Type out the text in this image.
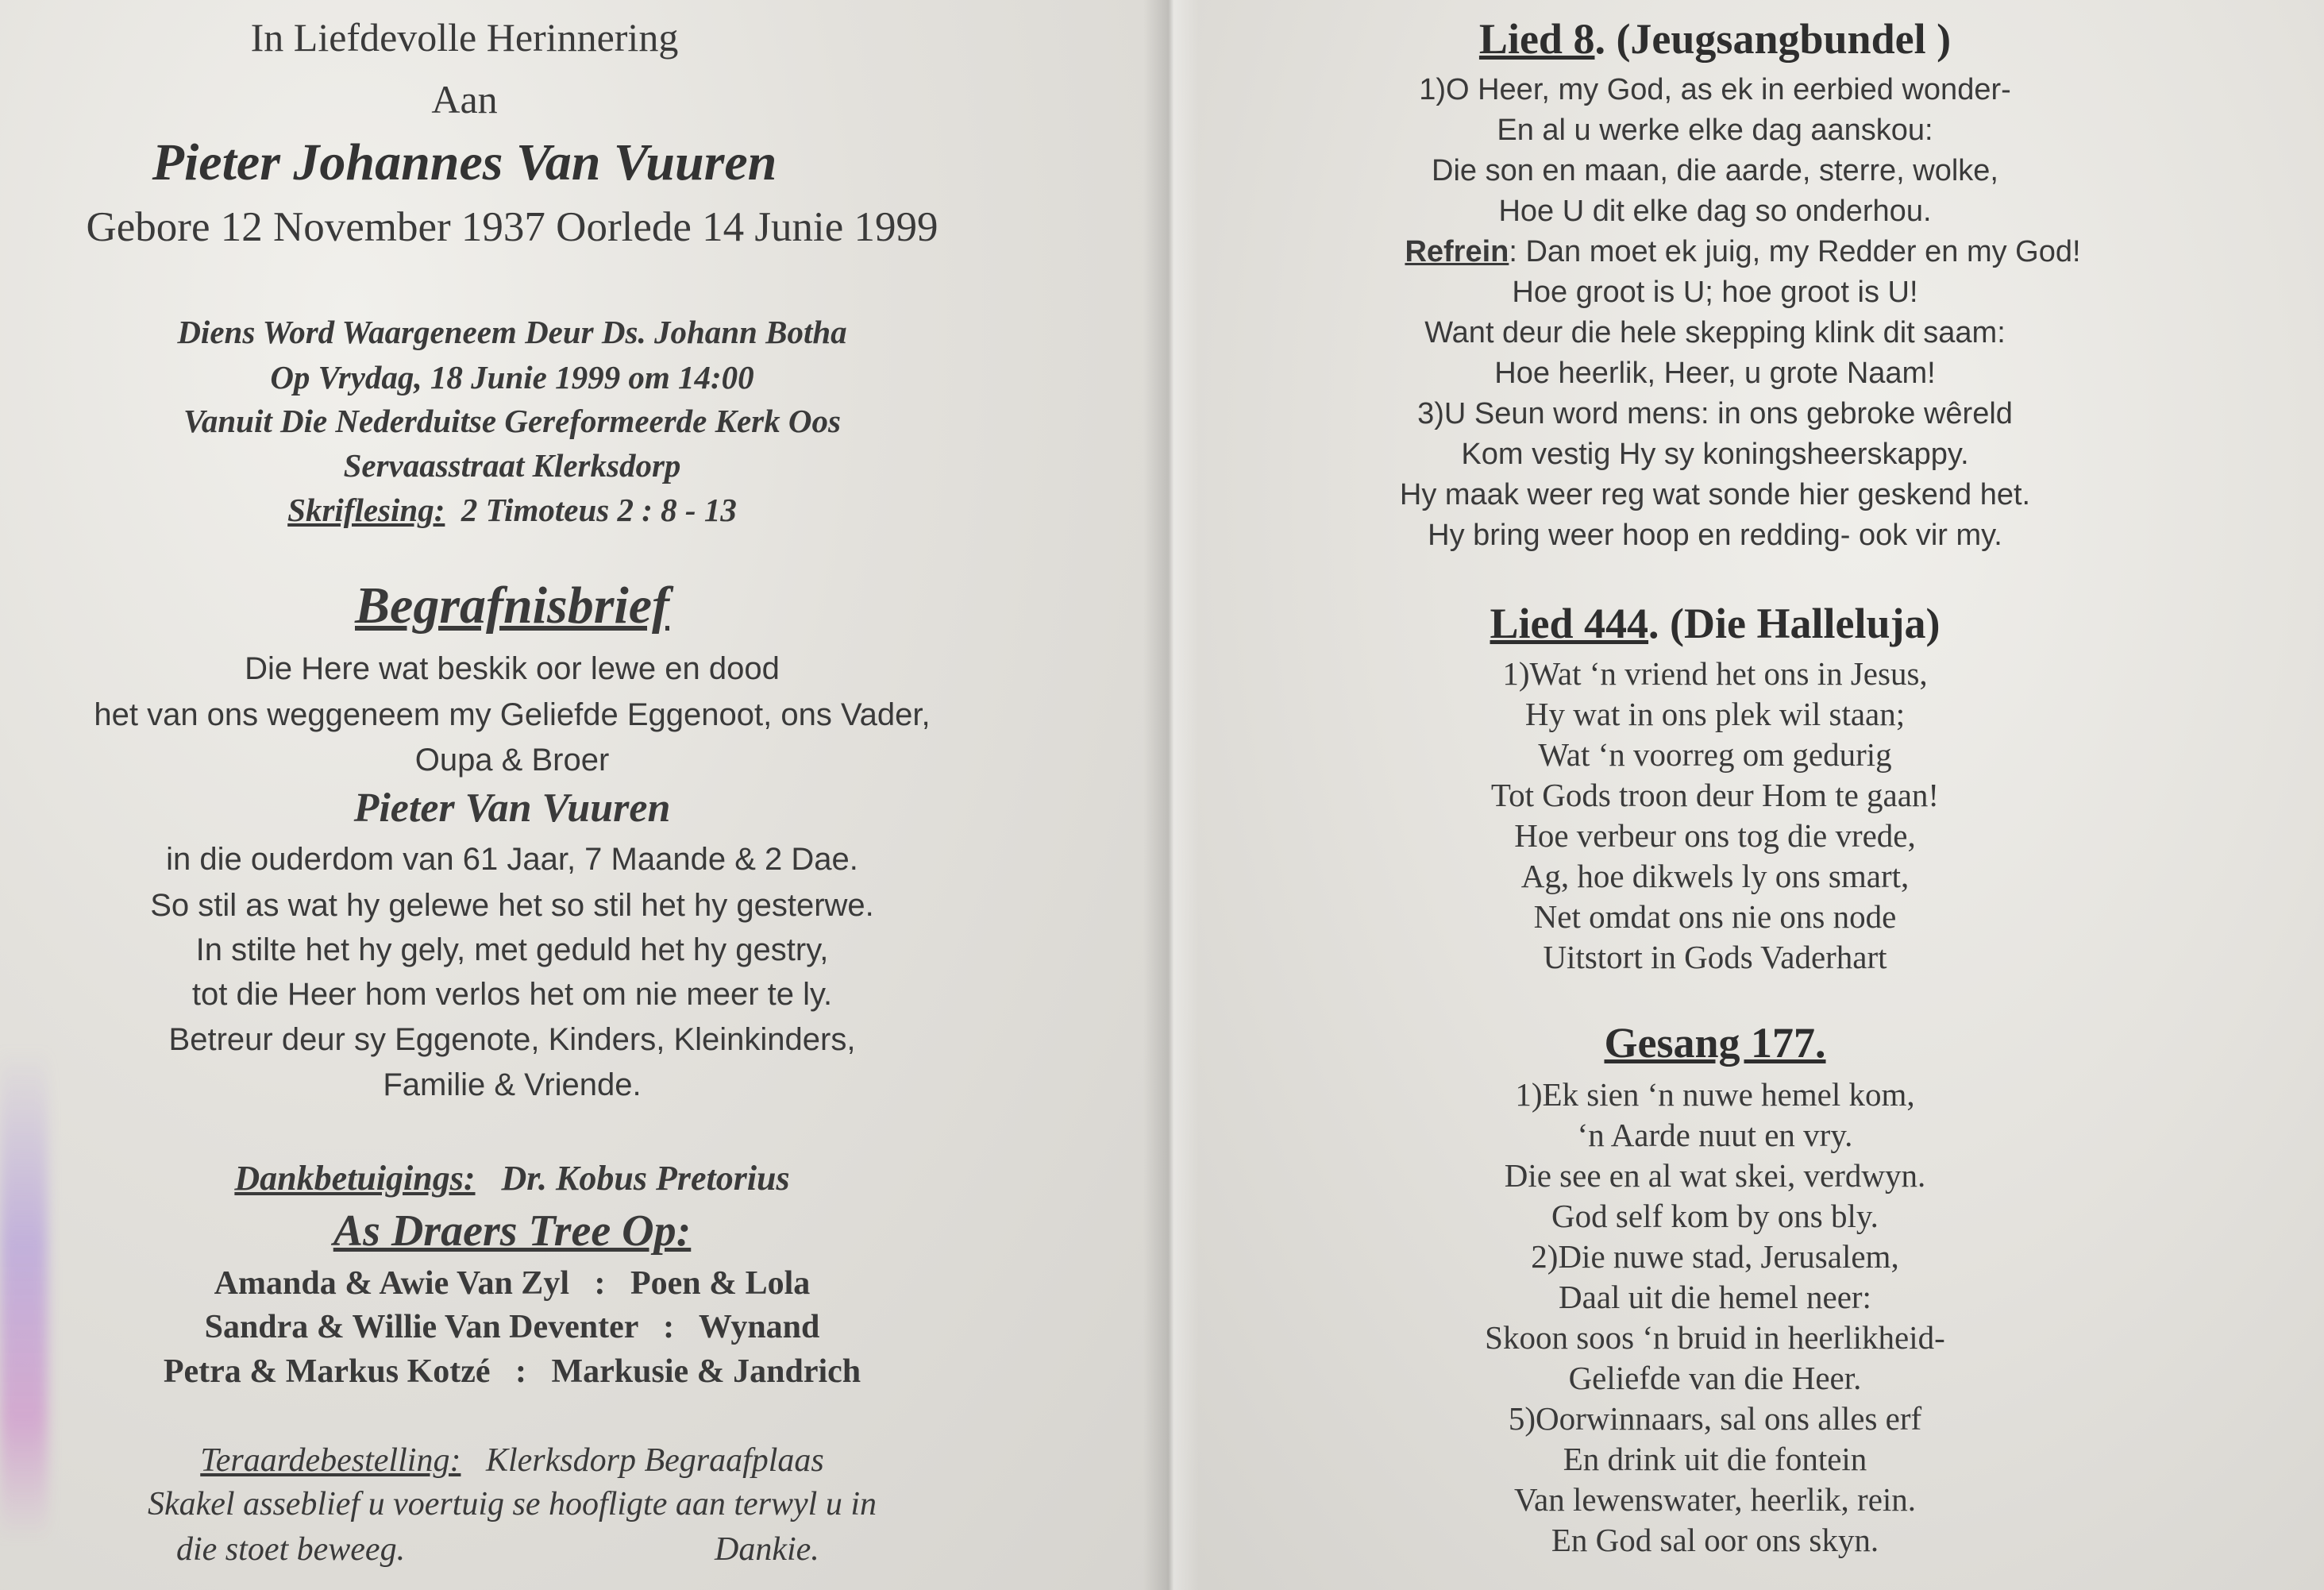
In Liefdevolle Herinnering
Aan
Pieter Johannes Van Vuuren
Gebore 12 November 1937 Oorlede 14 Junie 1999
Diens Word Waargeneem Deur Ds. Johann Botha
Op Vrydag, 18 Junie 1999 om 14:00
Vanuit Die Nederduitse Gereformeerde Kerk Oos
Servaasstraat Klerksdorp
Skriflesing: 2 Timoteus 2 : 8 - 13
Begrafnisbrief
Die Here wat beskik oor lewe en dood
het van ons weggeneem my Geliefde Eggenoot, ons Vader,
Oupa & Broer
Pieter Van Vuuren
in die ouderdom van 61 Jaar, 7 Maande & 2 Dae.
So stil as wat hy gelewe het so stil het hy gesterwe.
In stilte het hy gely, met geduld het hy gestry,
tot die Heer hom verlos het om nie meer te ly.
Betreur deur sy Eggenote, Kinders, Kleinkinders,
Familie & Vriende.
Dankbetuigings: Dr. Kobus Pretorius
As Draers Tree Op:
Amanda & Awie Van Zyl   :   Poen & Lola
Sandra & Willie Van Deventer   :   Wynand
Petra & Markus Kotzé   :   Markusie & Jandrich
Teraardebestelling: Klerksdorp Begraafplaas
Skakel asseblief u voertuig se hoofligte aan terwyl u in
die stoet beweeg.	Dankie.
Lied 8. (Jeugsangbundel )
1)O Heer, my God, as ek in eerbied wonder-
En al u werke elke dag aanskou:
Die son en maan, die aarde, sterre, wolke,
Hoe U dit elke dag so onderhou.
Refrein: Dan moet ek juig, my Redder en my God!
Hoe groot is U; hoe groot is U!
Want deur die hele skepping klink dit saam:
Hoe heerlik, Heer, u grote Naam!
3)U Seun word mens: in ons gebroke wêreld
Kom vestig Hy sy koningsheerskappy.
Hy maak weer reg wat sonde hier geskend het.
Hy bring weer hoop en redding- ook vir my.
Lied 444. (Die Halleluja)
1)Wat ‘n vriend het ons in Jesus,
Hy wat in ons plek wil staan;
Wat ‘n voorreg om gedurig
Tot Gods troon deur Hom te gaan!
Hoe verbeur ons tog die vrede,
Ag, hoe dikwels ly ons smart,
Net omdat ons nie ons node
Uitstort in Gods Vaderhart
Gesang 177.
1)Ek sien ‘n nuwe hemel kom,
‘n Aarde nuut en vry.
Die see en al wat skei, verdwyn.
God self kom by ons bly.
2)Die nuwe stad, Jerusalem,
Daal uit die hemel neer:
Skoon soos ‘n bruid in heerlikheid-
Geliefde van die Heer.
5)Oorwinnaars, sal ons alles erf
En drink uit die fontein
Van lewenswater, heerlik, rein.
En God sal oor ons skyn.
